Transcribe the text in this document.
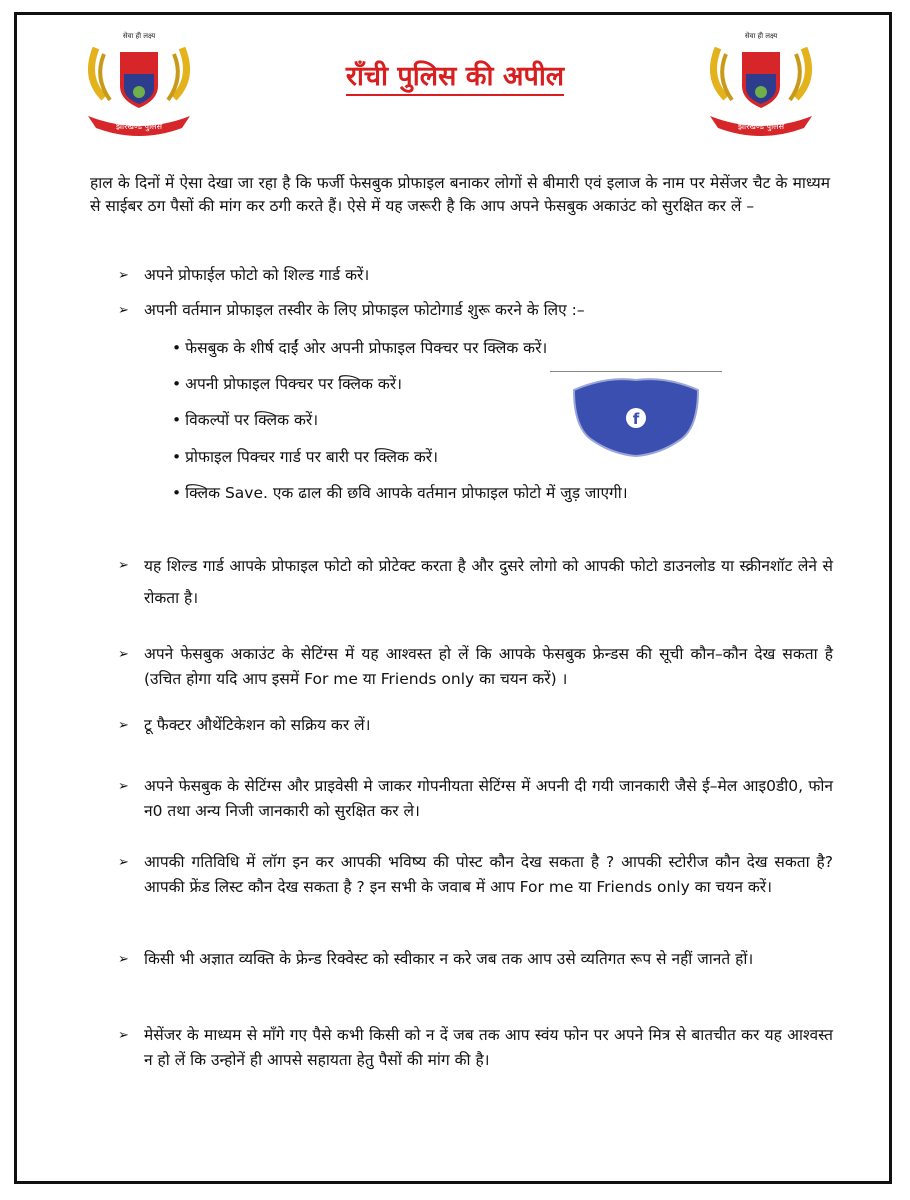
सेवा ही लक्ष्य
झारखण्ड पुलिस
सेवा ही लक्ष्य
झारखण्ड पुलिस
राँची पुलिस की अपील
हाल के दिनों में ऐसा देखा जा रहा है कि फर्जी फेसबुक प्रोफाइल बनाकर लोगों से बीमारी एवं इलाज के नाम पर मेसेंजर चैट के माध्यम से साईबर ठग पैसों की मांग कर ठगी करते हैं। ऐसे में यह जरूरी है कि आप अपने फेसबुक अकाउंट को सुरक्षित कर लें –
➢ अपने प्रोफाईल फोटो को शिल्ड गार्ड करें।
➢ अपनी वर्तमान प्रोफाइल तस्वीर के लिए प्रोफाइल फोटोगार्ड शुरू करने के लिए :–
• फेसबुक के शीर्ष दाईं ओर अपनी प्रोफाइल पिक्चर पर क्लिक करें।
• अपनी प्रोफाइल पिक्चर पर क्लिक करें।
• विकल्पों पर क्लिक करें।
• प्रोफाइल पिक्चर गार्ड पर बारी पर क्लिक करें।
• क्लिक Save. एक ढाल की छवि आपके वर्तमान प्रोफाइल फोटो में जुड़ जाएगी।
f
➢ यह शिल्ड गार्ड आपके प्रोफाइल फोटो को प्रोटेक्ट करता है और दुसरे लोगो को आपकी फोटो डाउनलोड या स्क्रीनशॉट लेने से रोकता है।
➢ अपने फेसबुक अकाउंट के सेटिंग्स में यह आश्वस्त हो लें कि आपके फेसबुक फ्रेन्डस की सूची कौन–कौन देख सकता है (उचित होगा यदि आप इसमें For me या Friends only का चयन करें) ।
➢ टू फैक्टर औथेंटिकेशन को सक्रिय कर लें।
➢ अपने फेसबुक के सेटिंग्स और प्राइवेसी मे जाकर गोपनीयता सेटिंग्स में अपनी दी गयी जानकारी जैसे ई–मेल आइ0डी0, फोन न0 तथा अन्य निजी जानकारी को सुरक्षित कर ले।
➢ आपकी गतिविधि में लॉग इन कर आपकी भविष्य की पोस्ट कौन देख सकता है ? आपकी स्टोरीज कौन देख सकता है? आपकी फ्रेंड लिस्ट कौन देख सकता है ? इन सभी के जवाब में आप For me या Friends only का चयन करें।
➢ किसी भी अज्ञात व्यक्ति के फ्रेन्ड रिक्वेस्ट को स्वीकार न करे जब तक आप उसे व्यतिगत रूप से नहीं जानते हों।
➢ मेसेंजर के माध्यम से माँगे गए पैसे कभी किसी को न दें जब तक आप स्वंय फोन पर अपने मित्र से बातचीत कर यह आश्वस्त न हो लें कि उन्होनें ही आपसे सहायता हेतु पैसों की मांग की है।
